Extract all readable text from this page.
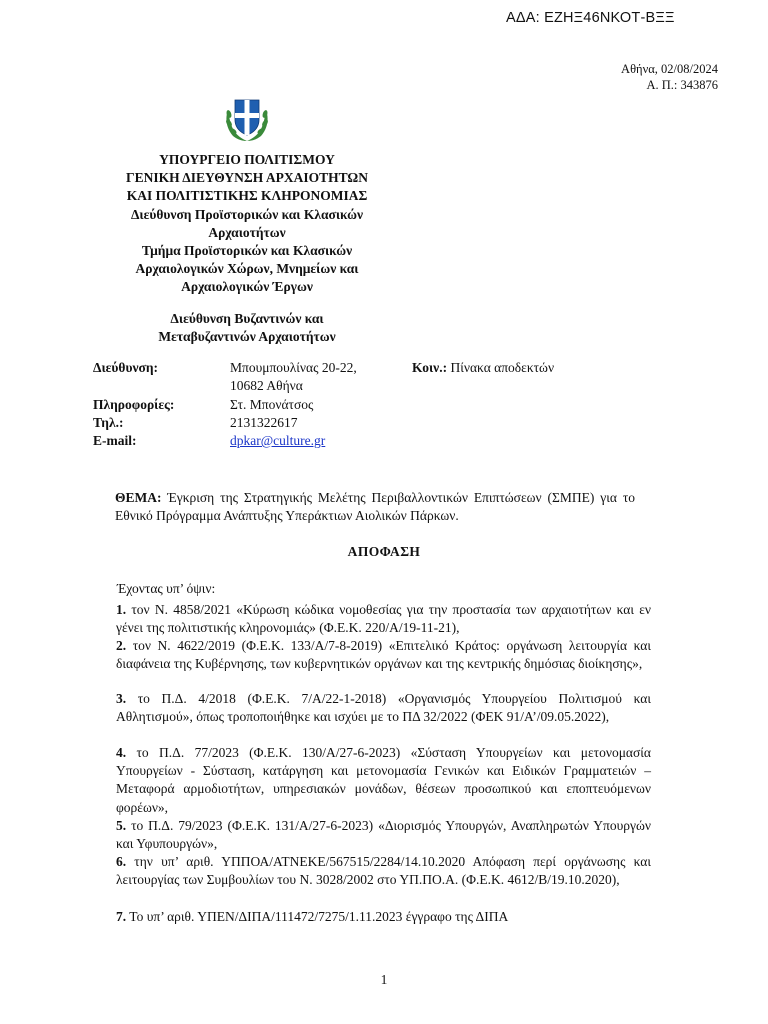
ΑΔΑ: ΕΖΗΞ46ΝΚΟΤ-ΒΞΞ
Αθήνα, 02/08/2024
Α. Π.: 343876
ΥΠΟΥΡΓΕΙΟ ΠΟΛΙΤΙΣΜΟΥ
ΓΕΝΙΚΗ ΔΙΕΥΘΥΝΣΗ ΑΡΧΑΙΟΤΗΤΩΝ
ΚΑΙ ΠΟΛΙΤΙΣΤΙΚΗΣ ΚΛΗΡΟΝΟΜΙΑΣ
Διεύθυνση Προϊστορικών και Κλασικών
Αρχαιοτήτων
Τμήμα Προϊστορικών και Κλασικών
Αρχαιολογικών Χώρων, Μνημείων και
Αρχαιολογικών Έργων
Διεύθυνση Βυζαντινών και
Μεταβυζαντινών Αρχαιοτήτων
Διεύθυνση:	Μπουμπουλίνας 20-22,
10682 Αθήνα
Πληροφορίες:	Στ. Μπονάτσος
Τηλ.:	2131322617
E-mail:	dpkar@culture.gr
Κοιν.: Πίνακα αποδεκτών
ΘΕΜΑ: Έγκριση της Στρατηγικής Μελέτης Περιβαλλοντικών Επιπτώσεων (ΣΜΠΕ) για το Εθνικό Πρόγραμμα Ανάπτυξης Υπεράκτιων Αιολικών Πάρκων.
ΑΠΟΦΑΣΗ
Έχοντας υπ’ όψιν:
1. τον Ν. 4858/2021 «Κύρωση κώδικα νομοθεσίας για την προστασία των αρχαιοτήτων και εν γένει της πολιτιστικής κληρονομιάς» (Φ.Ε.Κ. 220/Α/19-11-21),
2. τον Ν. 4622/2019 (Φ.Ε.Κ. 133/Α/7-8-2019) «Επιτελικό Κράτος: οργάνωση λειτουργία και διαφάνεια της Κυβέρνησης, των κυβερνητικών οργάνων και της κεντρικής δημόσιας διοίκησης»,
3. το Π.Δ. 4/2018 (Φ.Ε.Κ. 7/Α/22-1-2018) «Οργανισμός Υπουργείου Πολιτισμού και Αθλητισμού», όπως τροποποιήθηκε και ισχύει με το ΠΔ 32/2022 (ΦΕΚ 91/Α’/09.05.2022),
4. το Π.Δ. 77/2023 (Φ.Ε.Κ. 130/Α/27-6-2023) «Σύσταση Υπουργείων και μετονομασία Υπουργείων - Σύσταση, κατάργηση και μετονομασία Γενικών και Ειδικών Γραμματειών – Μεταφορά αρμοδιοτήτων, υπηρεσιακών μονάδων, θέσεων προσωπικού και εποπτευόμενων φορέων»,
5. το Π.Δ. 79/2023 (Φ.Ε.Κ. 131/Α/27-6-2023) «Διορισμός Υπουργών, Αναπληρωτών Υπουργών και Υφυπουργών»,
6. την υπ’ αριθ. ΥΠΠΟΑ/ΑΤΝΕΚΕ/567515/2284/14.10.2020 Απόφαση περί οργάνωσης και λειτουργίας των Συμβουλίων του Ν. 3028/2002 στο ΥΠ.ΠΟ.Α. (Φ.Ε.Κ. 4612/Β/19.10.2020),
7. Το υπ’ αριθ. ΥΠΕΝ/ΔΙΠΑ/111472/7275/1.11.2023 έγγραφο της ΔΙΠΑ
1
